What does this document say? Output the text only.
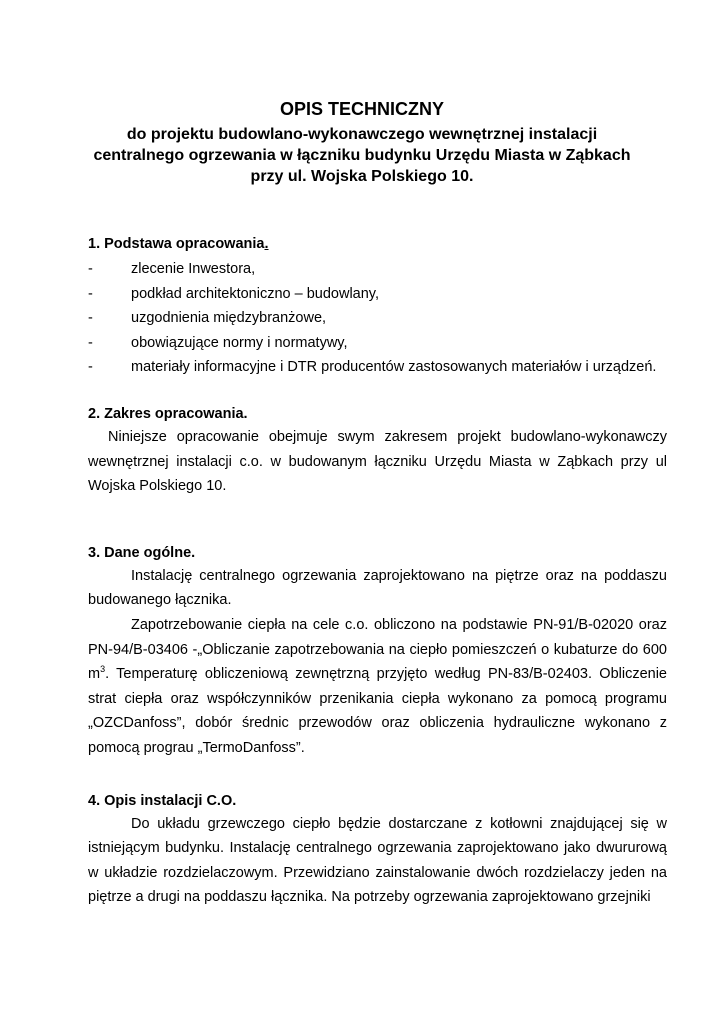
OPIS TECHNICZNY
do projektu budowlano-wykonawczego wewnętrznej instalacji
centralnego ogrzewania w łączniku budynku Urzędu Miasta w Ząbkach
przy ul. Wojska Polskiego 10.
1. Podstawa opracowania.
-	zlecenie Inwestora,
-	podkład architektoniczno – budowlany,
-	uzgodnienia międzybranżowe,
-	obowiązujące normy i normatywy,
-	materiały informacyjne i DTR producentów zastosowanych materiałów i urządzeń.
2. Zakres opracowania.

Niniejsze opracowanie obejmuje swym zakresem projekt budowlano-wykonawczy wewnętrznej instalacji c.o. w budowanym łączniku Urzędu Miasta w Ząbkach przy ul Wojska Polskiego 10.

3. Dane ogólne.

Instalację centralnego ogrzewania zaprojektowano na piętrze oraz na poddaszu budowanego łącznika.

Zapotrzebowanie ciepła na cele c.o. obliczono na podstawie PN-91/B-02020 oraz PN-94/B-03406 -„Obliczanie zapotrzebowania na ciepło pomieszczeń o kubaturze do 600 $m^3$. Temperaturę obliczeniową zewnętrzną przyjęto według PN-83/B-02403. Obliczenie strat ciepła oraz współczynników przenikania ciepła wykonano za pomocą programu „OZCDanfoss”, dobór średnic przewodów oraz obliczenia hydrauliczne wykonano z pomocą prograu „TermoDanfoss”.

4. Opis instalacji C.O.

Do układu grzewczego ciepło będzie dostarczane z kotłowni znajdującej się w istniejącym budynku. Instalację centralnego ogrzewania zaprojektowano jako dwururową w układzie rozdzielaczowym. Przewidziano zainstalowanie dwóch rozdzielaczy jeden na piętrze a drugi na poddaszu łącznika. Na potrzeby ogrzewania zaprojektowano grzejniki
